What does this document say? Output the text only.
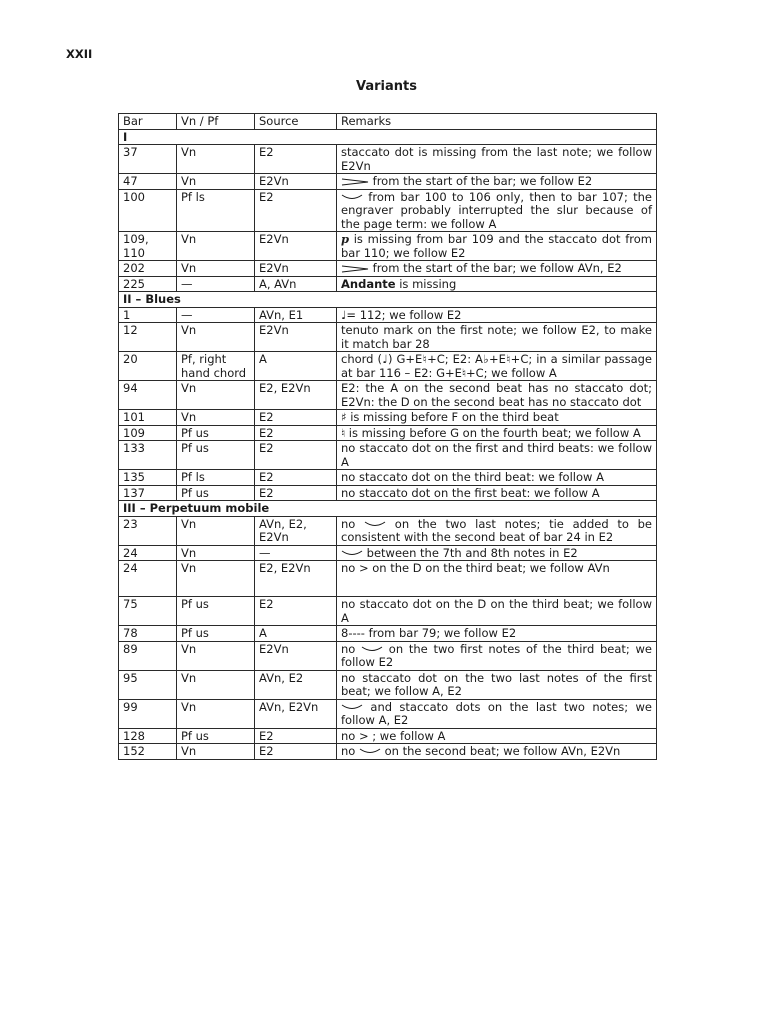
XXII
Variants
Bar	Vn / Pf	Source	Remarks
I			
37	Vn	E2	staccato dot is missing from the last note; we follow E2Vn
47	Vn	E2Vn	from the start of the bar; we follow E2
100	Pf ls	E2	from bar 100 to 106 only, then to bar 107; the engraver probably interrupted the slur because of the page term: we follow A
109, 110	Vn	E2Vn	p is missing from bar 109 and the staccato dot from bar 110; we follow E2
202	Vn	E2Vn	from the start of the bar; we follow AVn, E2
225	—	A, AVn	Andante is missing
II – Blues			
1	—	AVn, E1	♩= 112; we follow E2
12	Vn	E2Vn	tenuto mark on the first note; we follow E2, to make it match bar 28
20	Pf, right hand chord	A	chord (♩) G+E♮+C; E2: A♭+E♮+C; in a similar passage at bar 116 – E2: G+E♮+C; we follow A
94	Vn	E2, E2Vn	E2: the A on the second beat has no staccato dot; E2Vn: the D on the second beat has no staccato dot
101	Vn	E2	♯ is missing before F on the third beat
109	Pf us	E2	♮ is missing before G on the fourth beat; we follow A
133	Pf us	E2	no staccato dot on the first and third beats: we follow A
135	Pf ls	E2	no staccato dot on the third beat: we follow A
137	Pf us	E2	no staccato dot on the first beat: we follow A
III – Perpetuum mobile			
23	Vn	AVn, E2, E2Vn	no  on the two last notes; tie added to be consistent with the second beat of bar 24 in E2
24	Vn	—	between the 7th and 8th notes in E2
24	Vn	E2, E2Vn	no > on the D on the third beat; we follow AVn
75	Pf us	E2	no staccato dot on the D on the third beat; we follow A
78	Pf us	A	8---- from bar 79; we follow E2
89	Vn	E2Vn	no  on the two first notes of the third beat; we follow E2
95	Vn	AVn, E2	no staccato dot on the two last notes of the first beat; we follow A, E2
99	Vn	AVn, E2Vn	and staccato dots on the last two notes; we follow A, E2
128	Pf us	E2	no > ; we follow A
152	Vn	E2	no  on the second beat; we follow AVn, E2Vn
